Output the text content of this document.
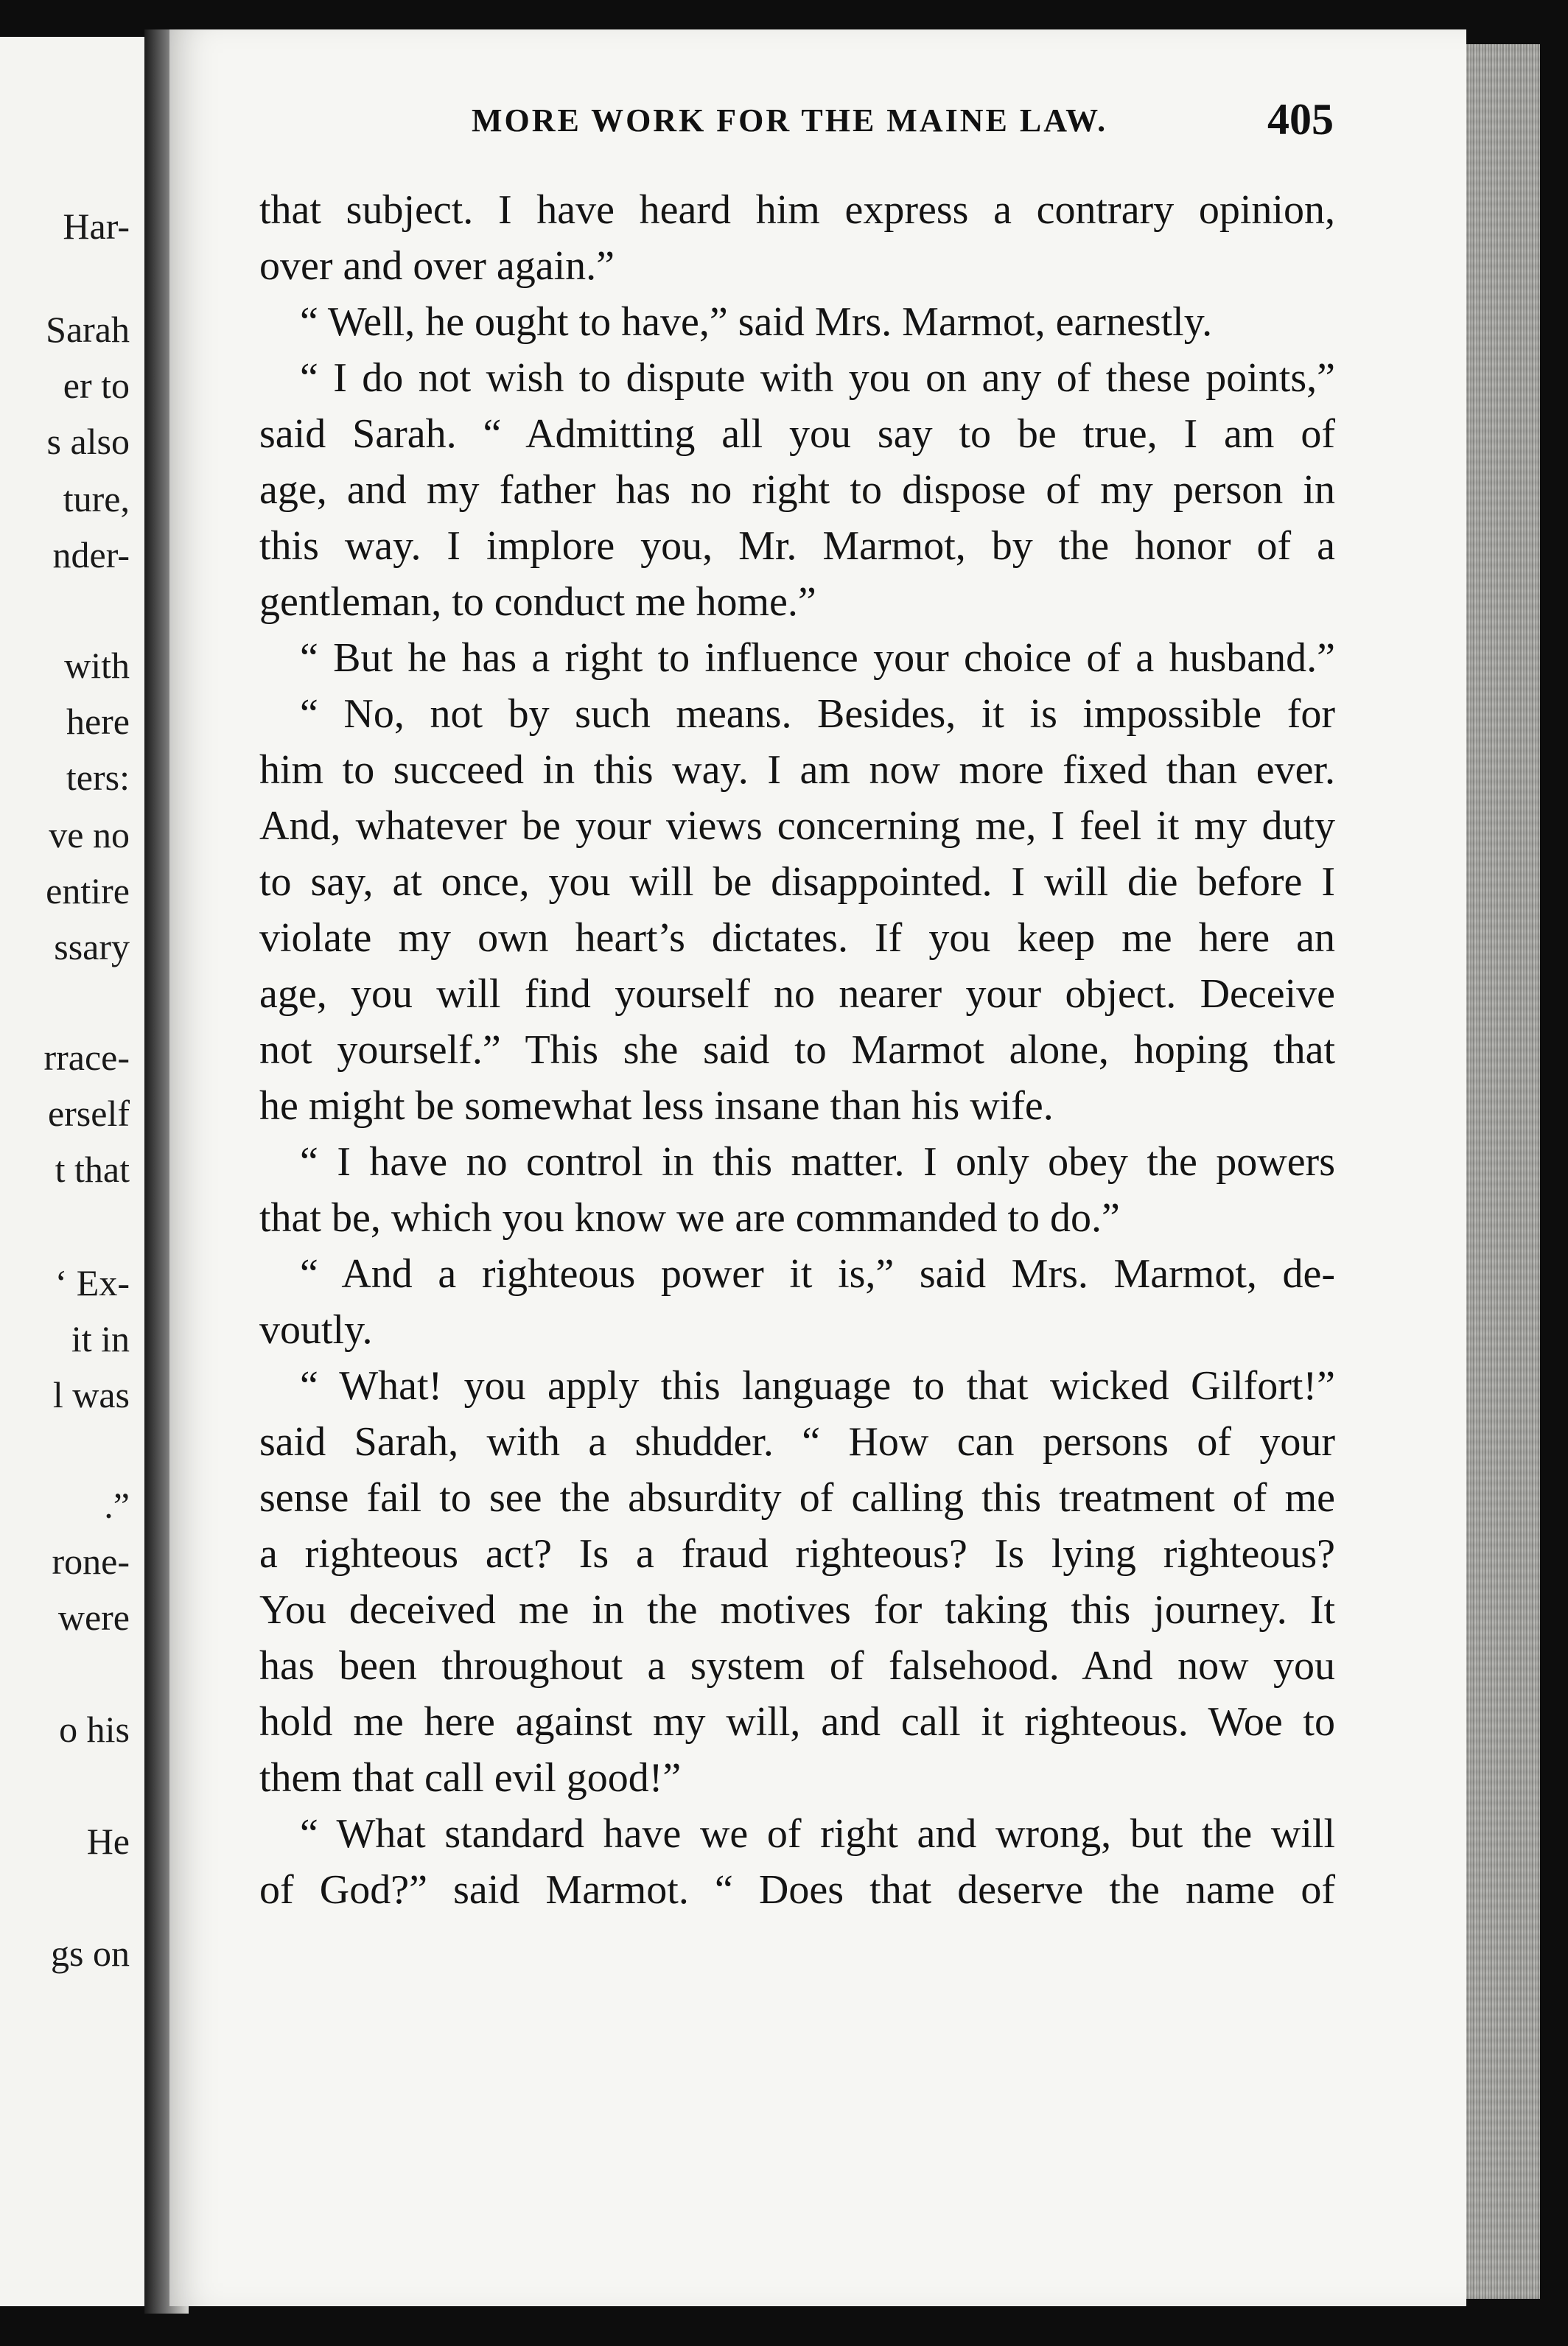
Har-
Sarah
er to
s also
ture,
nder-
with
here
ters:
ve no
entire
ssary
rrace-
erself
t that
‘ Ex-
it in
l was
.”
rone-
were
o his
He
gs on
MORE WORK FOR THE MAINE LAW.	405
that subject. I have heard him express a contrary opinion,
over and over again.”
“ Well, he ought to have,” said Mrs. Marmot, earnestly.
“ I do not wish to dispute with you on any of these points,”
said Sarah. “ Admitting all you say to be true, I am of
age, and my father has no right to dispose of my person in
this way. I implore you, Mr. Marmot, by the honor of a
gentleman, to conduct me home.”
“ But he has a right to influence your choice of a husband.”
“ No, not by such means. Besides, it is impossible for
him to succeed in this way. I am now more fixed than ever.
And, whatever be your views concerning me, I feel it my duty
to say, at once, you will be disappointed. I will die before I
violate my own heart’s dictates. If you keep me here an
age, you will find yourself no nearer your object. Deceive
not yourself.” This she said to Marmot alone, hoping that
he might be somewhat less insane than his wife.
“ I have no control in this matter. I only obey the powers
that be, which you know we are commanded to do.”
“ And a righteous power it is,” said Mrs. Marmot, de-
voutly.
“ What! you apply this language to that wicked Gilfort!”
said Sarah, with a shudder. “ How can persons of your
sense fail to see the absurdity of calling this treatment of me
a righteous act? Is a fraud righteous? Is lying righteous?
You deceived me in the motives for taking this journey. It
has been throughout a system of falsehood. And now you
hold me here against my will, and call it righteous. Woe to
them that call evil good!”
“ What standard have we of right and wrong, but the will
of God?” said Marmot. “ Does that deserve the name of
